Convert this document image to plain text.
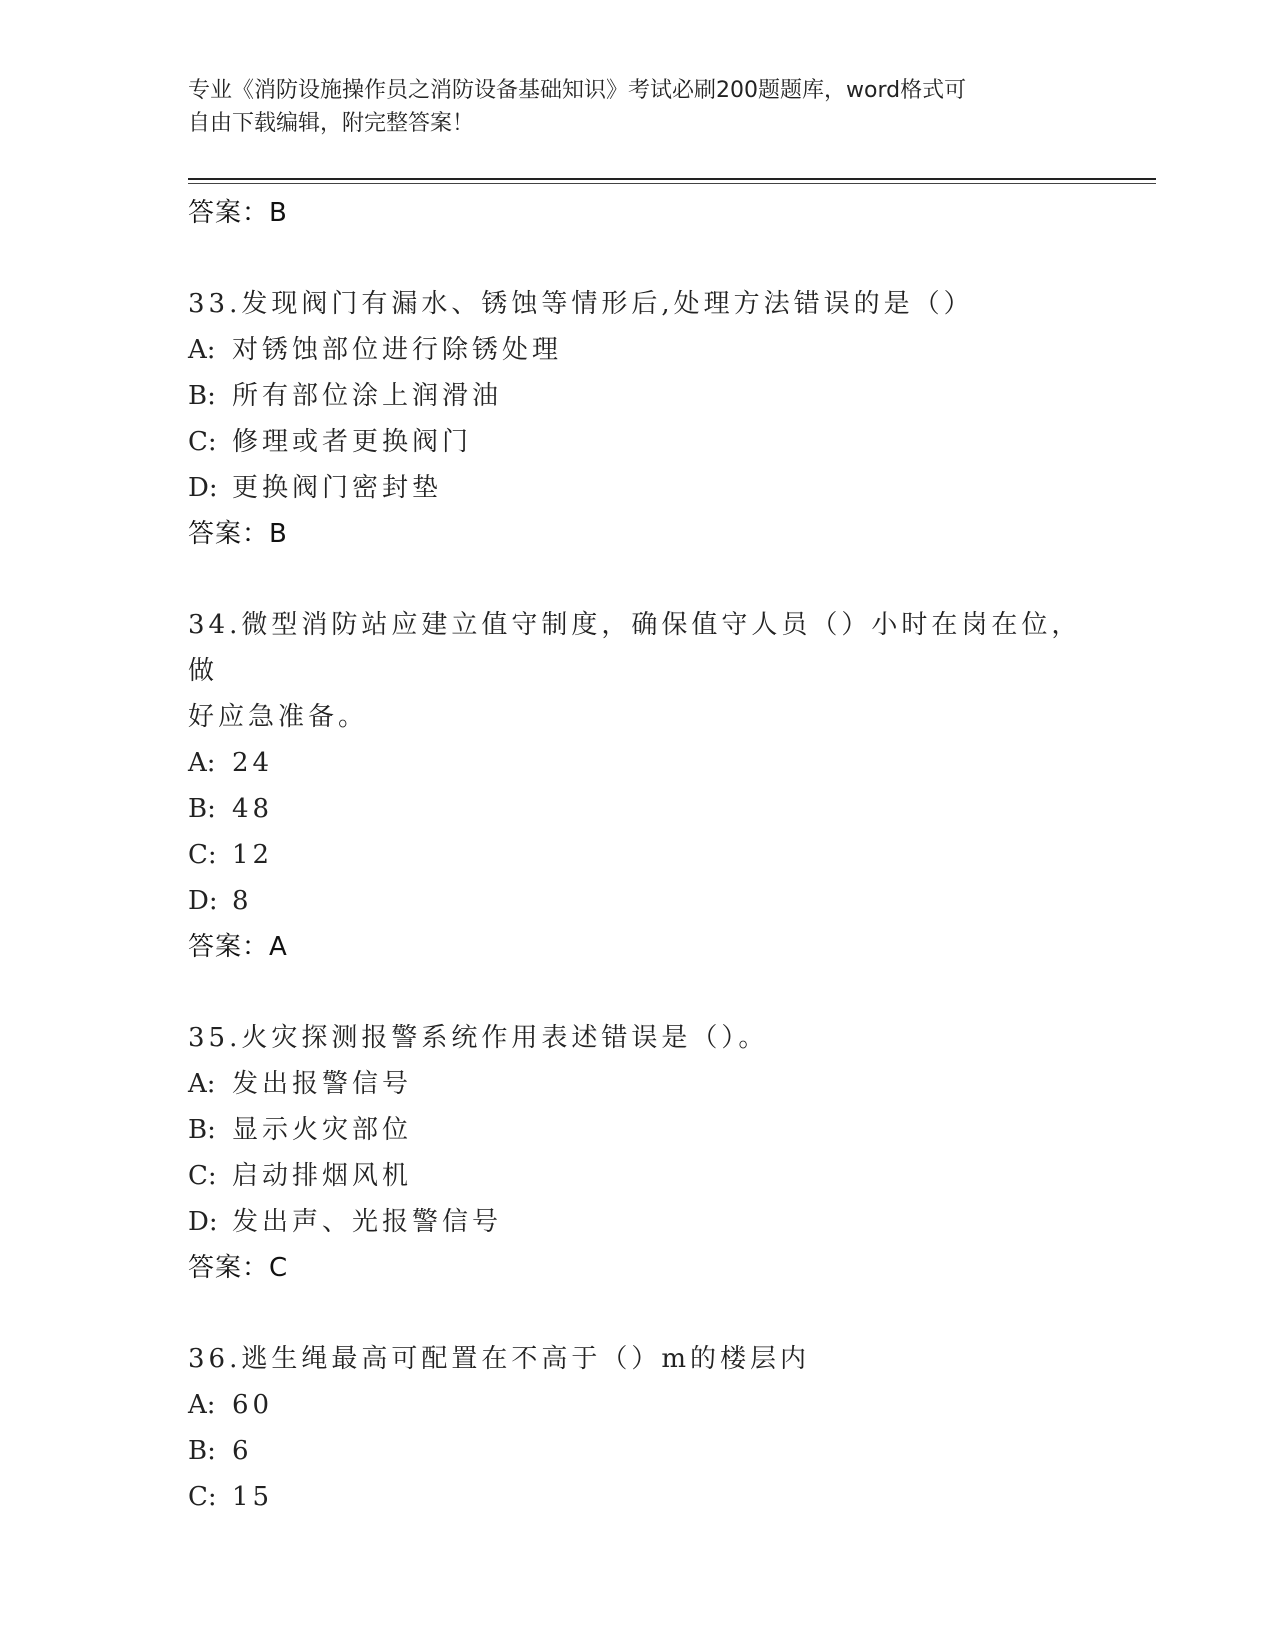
专业《消防设施操作员之消防设备基础知识》考试必刷200题题库，word格式可
自由下载编辑，附完整答案！
答案：B
33.发现阀门有漏水、锈蚀等情形后,处理方法错误的是（）
A: 对锈蚀部位进行除锈处理
B: 所有部位涂上润滑油
C: 修理或者更换阀门
D: 更换阀门密封垫
答案：B
34.微型消防站应建立值守制度，确保值守人员（）小时在岗在位，做
好应急准备。
A: 24
B: 48
C: 12
D: 8
答案：A
35.火灾探测报警系统作用表述错误是（）。
A: 发出报警信号
B: 显示火灾部位
C: 启动排烟风机
D: 发出声、光报警信号
答案：C
36.逃生绳最高可配置在不高于（）m的楼层内
A: 60
B: 6
C: 15
